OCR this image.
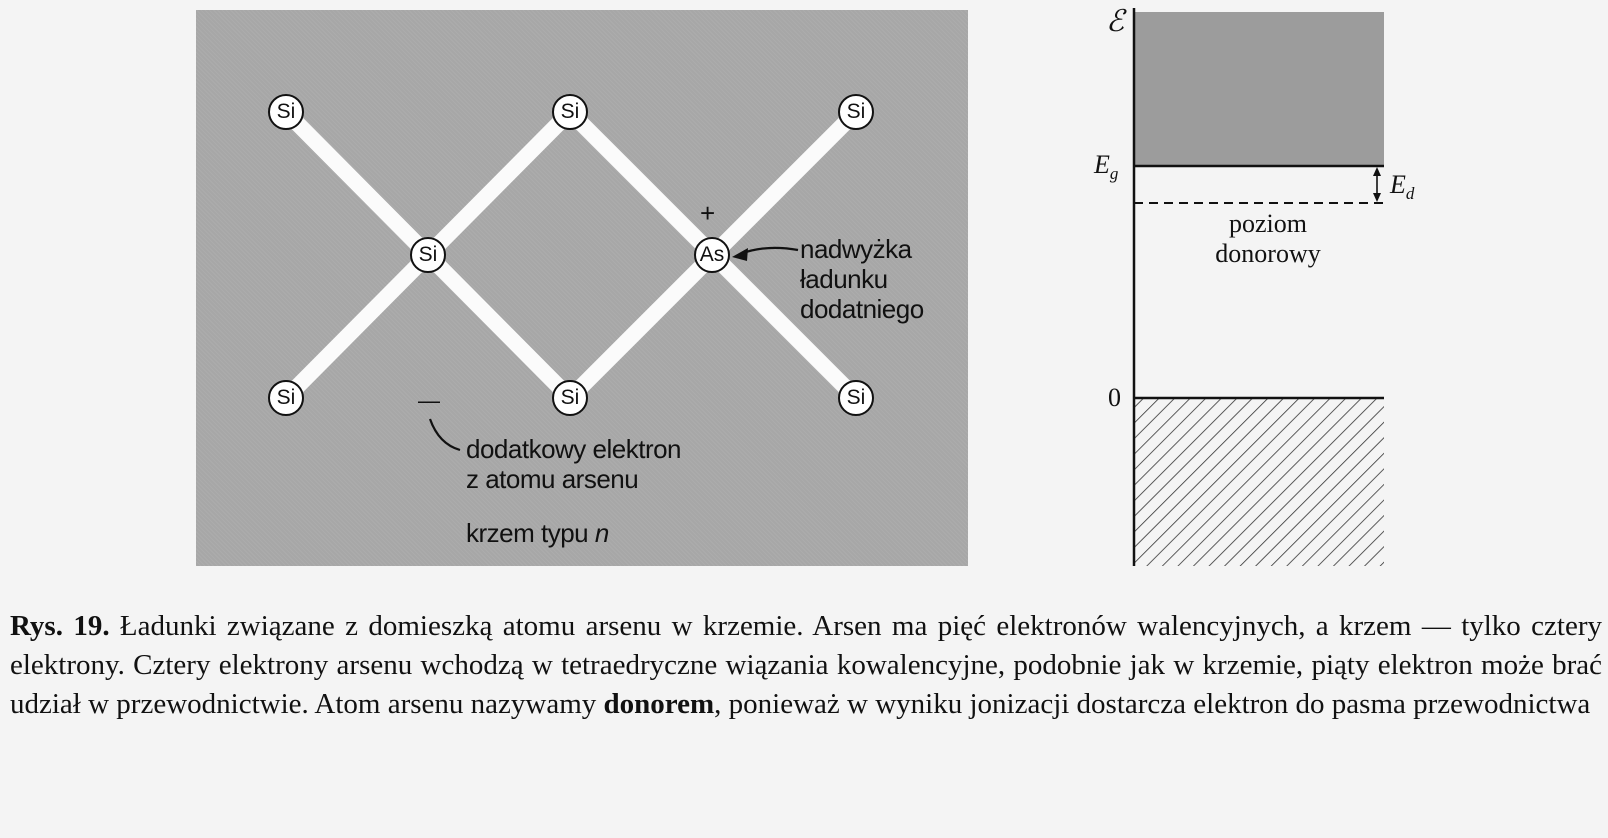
Si	Si	Si
Si	As
Si	Si	Si
+
—
nadwyżka
ładunku
dodatniego
dodatkowy elektron
z atomu arsenu
krzem typu n
ℰ
$E_g$	$E_d$
poziom
donorowy
0
Rys. 19. Ładunki związane z domieszką atomu arsenu w krzemie. Arsen ma pięć elektronów walencyjnych, a krzem — tylko cztery elektrony. Cztery elektrony arsenu wchodzą w tetraedryczne wiązania kowalencyjne, podobnie jak w krzemie, piąty elektron może brać udział w przewodnictwie. Atom arsenu nazywamy donorem, ponieważ w wyniku jonizacji dostarcza elektron do pasma przewodnictwa
